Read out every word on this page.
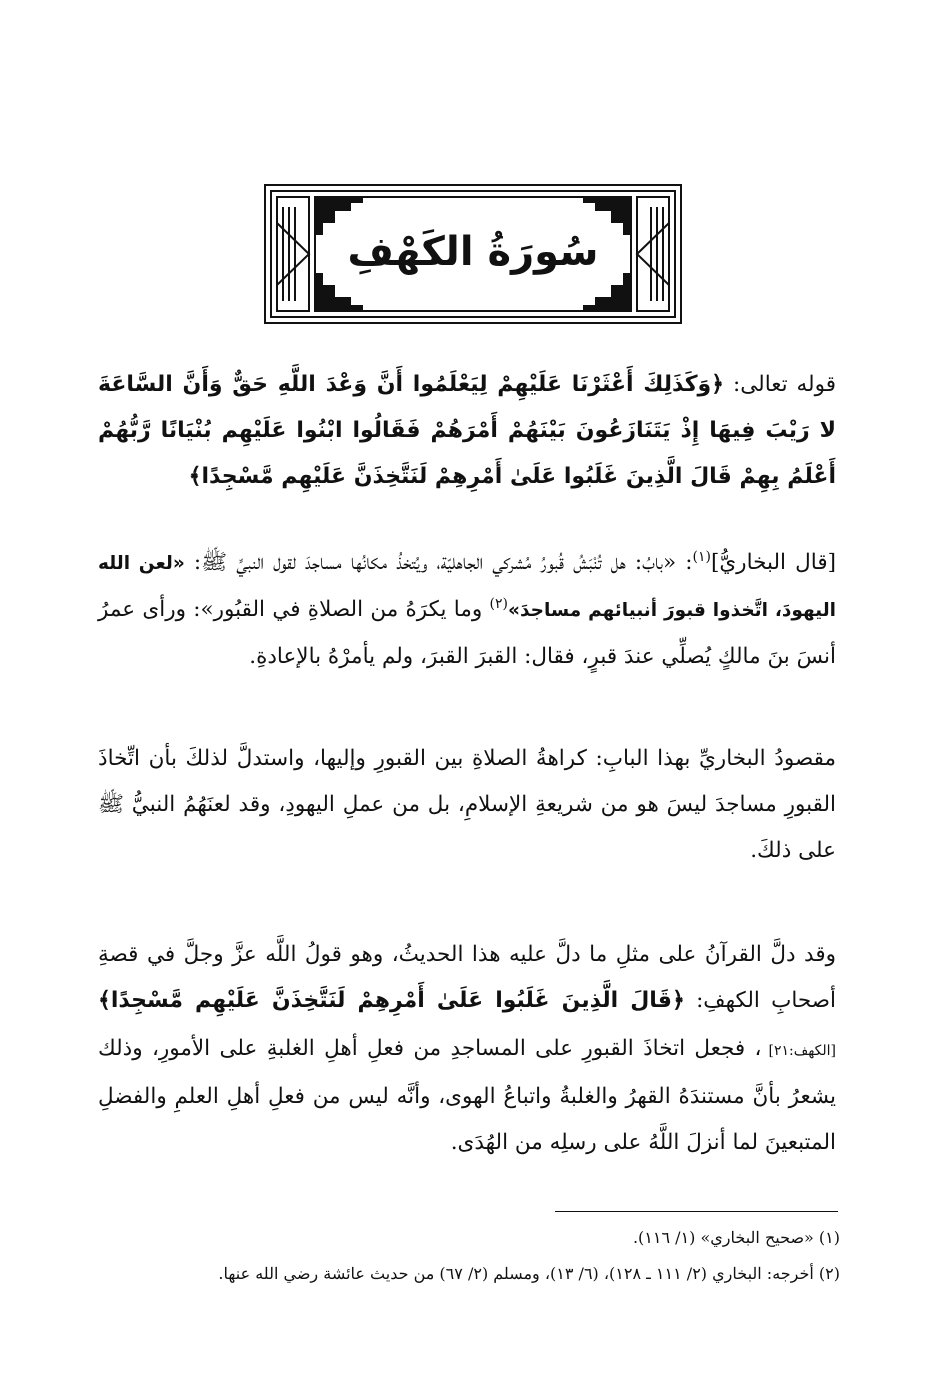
سُورَةُ الكَهْفِ
قوله تعالى: ﴿وَكَذَلِكَ أَعْثَرْنَا عَلَيْهِمْ لِيَعْلَمُوا أَنَّ وَعْدَ اللَّهِ حَقٌّ وَأَنَّ السَّاعَةَ لا رَيْبَ فِيهَا إِذْ يَتَنَازَعُونَ بَيْنَهُمْ أَمْرَهُمْ فَقَالُوا ابْنُوا عَلَيْهِم بُنْيَانًا رَّبُّهُمْ أَعْلَمُ بِهِمْ قَالَ الَّذِينَ غَلَبُوا عَلَىٰ أَمْرِهِمْ لَنَتَّخِذَنَّ عَلَيْهِم مَّسْجِدًا﴾
[قال البخاريُّ]$^{(١)}$: «بابُ: هل تُنْبَشُ قُبورُ مُشركي الجاهليّة، ويُتخذُ مكانُها مساجدَ لقول النبيِّ ﷺ: «لعن الله اليهودَ، اتَّخذوا قبورَ أنبيائهم مساجدَ»$^{(٢)}$ وما يكرَهُ من الصلاةِ في القبُور»: ورأى عمرُ أنسَ بنَ مالكٍ يُصلِّي عندَ قبرٍ، فقال: القبرَ القبرَ، ولم يأمرْهُ بالإعادةِ.
مقصودُ البخاريِّ بهذا البابِ: كراهةُ الصلاةِ بين القبورِ وإليها، واستدلَّ لذلكَ بأن اتِّخاذَ القبورِ مساجدَ ليسَ هو من شريعةِ الإسلامِ، بل من عملِ اليهودِ، وقد لعنَهُمُ النبيُّ ﷺ على ذلكَ.
وقد دلَّ القرآنُ على مثلِ ما دلَّ عليه هذا الحديثُ، وهو قولُ اللَّه عزَّ وجلَّ في قصةِ أصحابِ الكهفِ: ﴿قَالَ الَّذِينَ غَلَبُوا عَلَىٰ أَمْرِهِمْ لَنَتَّخِذَنَّ عَلَيْهِم مَّسْجِدًا﴾ [الكهف:٢١] ، فجعل اتخاذَ القبورِ على المساجدِ من فعلِ أهلِ الغلبةِ على الأمورِ، وذلك يشعرُ بأنَّ مستندَهُ القهرُ والغلبةُ واتباعُ الهوى، وأنَّه ليس من فعلِ أهلِ العلمِ والفضلِ المتبعينَ لما أنزلَ اللَّهُ على رسلِه من الهُدَى.
(١) «صحيح البخاري» (١/ ١١٦).
(٢) أخرجه: البخاري (٢/ ١١١ ـ ١٢٨)، (٦/ ١٣)، ومسلم (٢/ ٦٧) من حديث عائشة رضي الله عنها.
